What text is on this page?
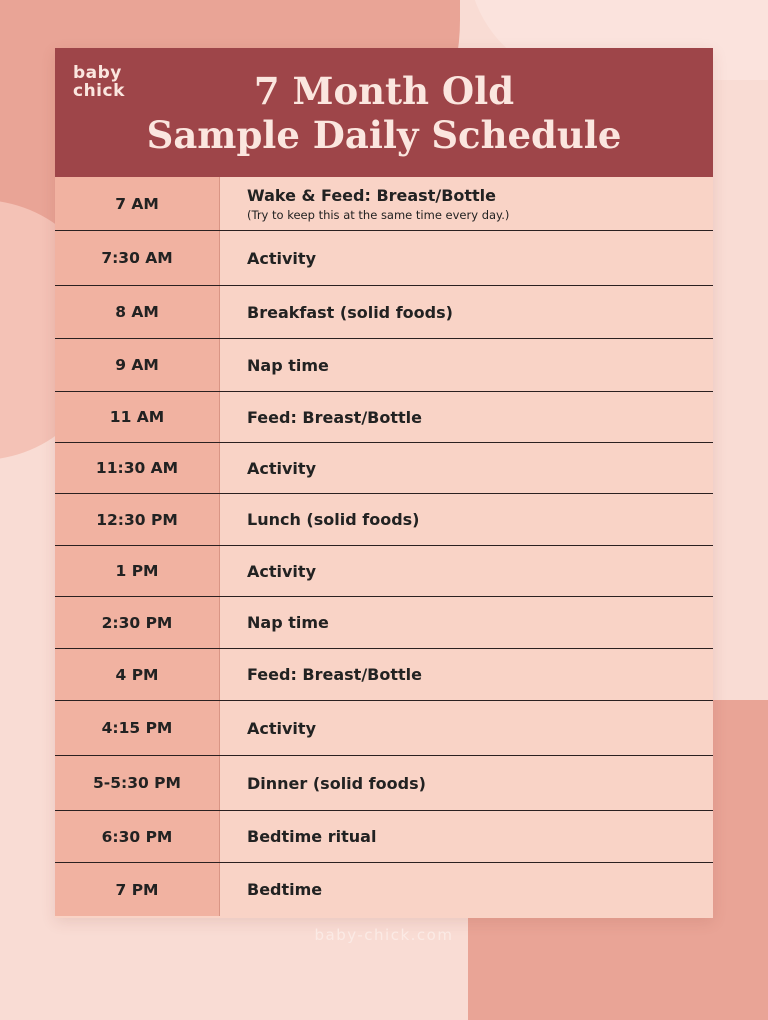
baby
chick	7 Month Old
Sample Daily Schedule
7 AM	Wake & Feed: Breast/Bottle
(Try to keep this at the same time every day.)
7:30 AM	Activity
8 AM	Breakfast (solid foods)
9 AM	Nap time
11 AM	Feed: Breast/Bottle
11:30 AM	Activity
12:30 PM	Lunch (solid foods)
1 PM	Activity
2:30 PM	Nap time
4 PM	Feed: Breast/Bottle
4:15 PM	Activity
5-5:30 PM	Dinner (solid foods)
6:30 PM	Bedtime ritual
7 PM	Bedtime
baby-chick.com
